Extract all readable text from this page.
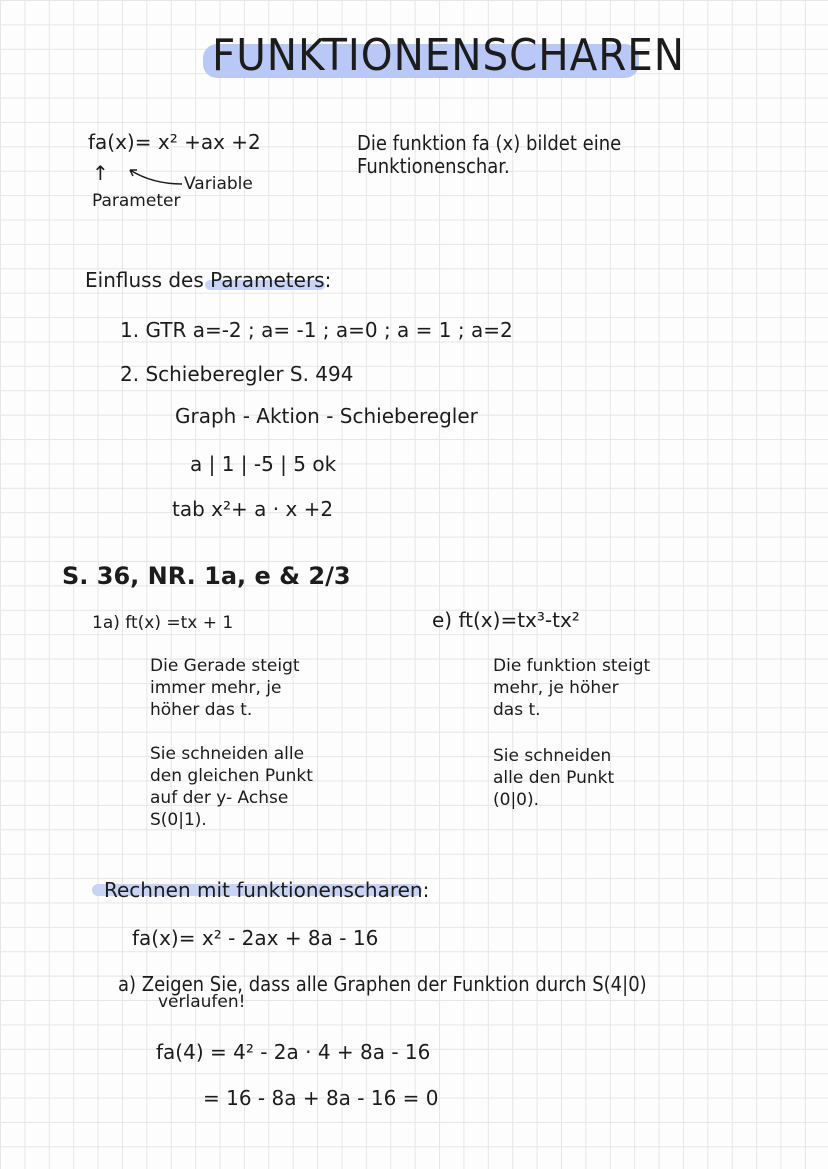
FUNKTIONENSCHAREN
fa(x)= x² +ax +2
↑	Variable
Parameter
Die funktion fa (x) bildet eine
Funktionenschar.
Einfluss des Parameters:
1. GTR a=-2 ; a= -1 ; a=0 ; a = 1 ; a=2
2. Schieberegler S. 494
Graph - Aktion - Schieberegler
a | 1 | -5 | 5 ok
tab x²+ a · x +2
S. 36, NR. 1a, e & 2/3
1a) ft(x) =tx + 1
Die Gerade steigt
immer mehr, je
höher das t.
Sie schneiden alle
den gleichen Punkt
auf der y- Achse
S(0|1).
e) ft(x)=tx³-tx²
Die funktion steigt
mehr, je höher
das t.
Sie schneiden
alle den Punkt
(0|0).
Rechnen mit funktionenscharen:
fa(x)= x² - 2ax + 8a - 16
a) Zeigen Sie, dass alle Graphen der Funktion durch S(4|0)
verlaufen!
fa(4) = 4² - 2a · 4 + 8a - 16
= 16 - 8a + 8a - 16 = 0
